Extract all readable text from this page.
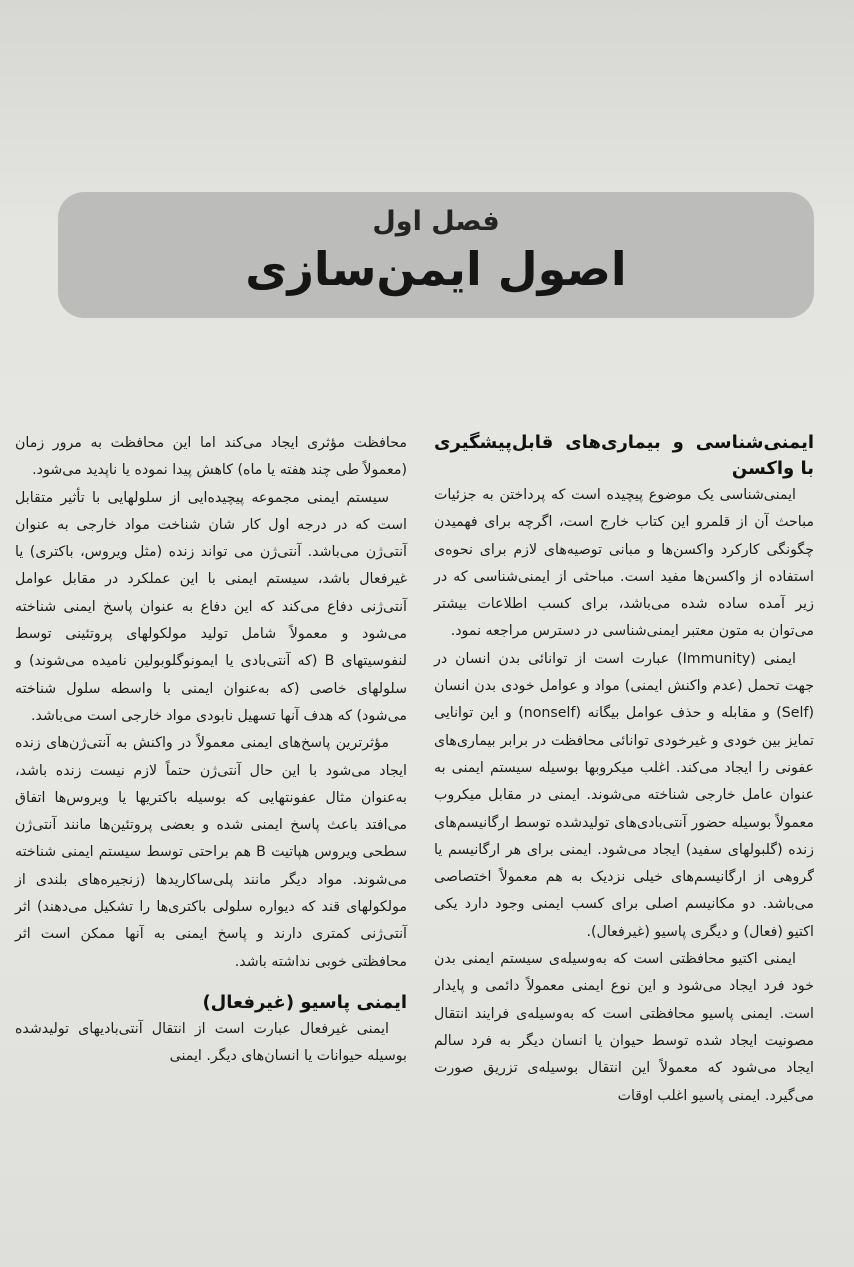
فصل اول
اصول ایمن‌سازی
ایمنی‌شناسی و بیماری‌های قابل‌پیشگیری با واکسن

ایمنی‌شناسی یک موضوع پیچیده است که پرداختن به جزئیات مباحث آن از قلمرو این کتاب خارج است، اگرچه برای فهمیدن چگونگی کارکرد واکسن‌ها و مبانی توصیه‌های لازم برای نحوه‌ی استفاده از واکسن‌ها مفید است. مباحثی از ایمنی‌شناسی که در زیر آمده ساده شده می‌باشد، برای کسب اطلاعات بیشتر می‌توان به متون معتبر ایمنی‌شناسی در دسترس مراجعه نمود.

ایمنی (Immunity) عبارت است از توانائی بدن انسان در جهت تحمل (عدم واکنش ایمنی) مواد و عوامل خودی بدن انسان (Self) و مقابله و حذف عوامل بیگانه (nonself) و این توانایی تمایز بین خودی و غیرخودی توانائی محافظت در برابر بیماری‌های عفونی را ایجاد می‌کند. اغلب میکروبها بوسیله سیستم ایمنی به عنوان عامل خارجی شناخته می‌شوند. ایمنی در مقابل میکروب معمولاً بوسیله حضور آنتی‌بادی‌های تولیدشده توسط ارگانیسم‌های زنده (گلبولهای سفید) ایجاد می‌شود. ایمنی برای هر ارگانیسم یا گروهی از ارگانیسم‌های خیلی نزدیک به هم معمولاً اختصاصی می‌باشد. دو مکانیسم اصلی برای کسب ایمنی وجود دارد یکی اکتیو (فعال) و دیگری پاسیو (غیرفعال).

ایمنی اکتیو محافظتی است که به‌وسیله‌ی سیستم ایمنی بدن خود فرد ایجاد می‌شود و این نوع ایمنی معمولاً دائمی و پایدار است. ایمنی پاسیو محافظتی است که به‌وسیله‌ی فرایند انتقال مصونیت ایجاد شده توسط حیوان یا انسان دیگر به فرد سالم ایجاد می‌شود که معمولاً این انتقال بوسیله‌ی تزریق صورت می‌گیرد. ایمنی پاسیو اغلب اوقات

محافظت مؤثری ایجاد می‌کند اما این محافظت به مرور زمان (معمولاً طی چند هفته یا ماه) کاهش پیدا نموده یا ناپدید می‌شود.

سیستم ایمنی مجموعه پیچیده‌ایی از سلولهایی با تأثیر متقابل است که در درجه اول کار شان شناخت مواد خارجی به عنوان آنتی‌ژن می‌باشد. آنتی‌ژن می تواند زنده (مثل ویروس، باکتری) یا غیرفعال باشد، سیستم ایمنی با این عملکرد در مقابل عوامل آنتی‌ژنی دفاع می‌کند که این دفاع به عنوان پاسخ ایمنی شناخته می‌شود و معمولاً شامل تولید مولکولهای پروتئینی توسط لنفوسیتهای B (که آنتی‌بادی یا ایمونوگلوبولین نامیده می‌شوند) و سلولهای خاصی (که به‌عنوان ایمنی با واسطه سلول شناخته می‌شود) که هدف آنها تسهیل نابودی مواد خارجی است می‌باشد.

مؤثرترین پاسخ‌های ایمنی معمولاً در واکنش به آنتی‌ژن‌های زنده ایجاد می‌شود با این حال آنتی‌ژن حتماً لازم نیست زنده باشد، به‌عنوان مثال عفونتهایی که بوسیله باکتریها یا ویروس‌ها اتفاق می‌افتد باعث پاسخ ایمنی شده و بعضی پروتئین‌ها مانند آنتی‌ژن سطحی ویروس هپاتیت B هم براحتی توسط سیستم ایمنی شناخته می‌شوند. مواد دیگر مانند پلی‌ساکاریدها (زنجیره‌های بلندی از مولکولهای قند که دیواره سلولی باکتری‌ها را تشکیل می‌دهند) اثر آنتی‌ژنی کمتری دارند و پاسخ ایمنی به آنها ممکن است اثر محافظتی خوبی نداشته باشد.

ایمنی پاسیو (غیرفعال)

ایمنی غیرفعال عبارت است از انتقال آنتی‌بادیهای تولیدشده بوسیله حیوانات یا انسان‌های دیگر. ایمنی
